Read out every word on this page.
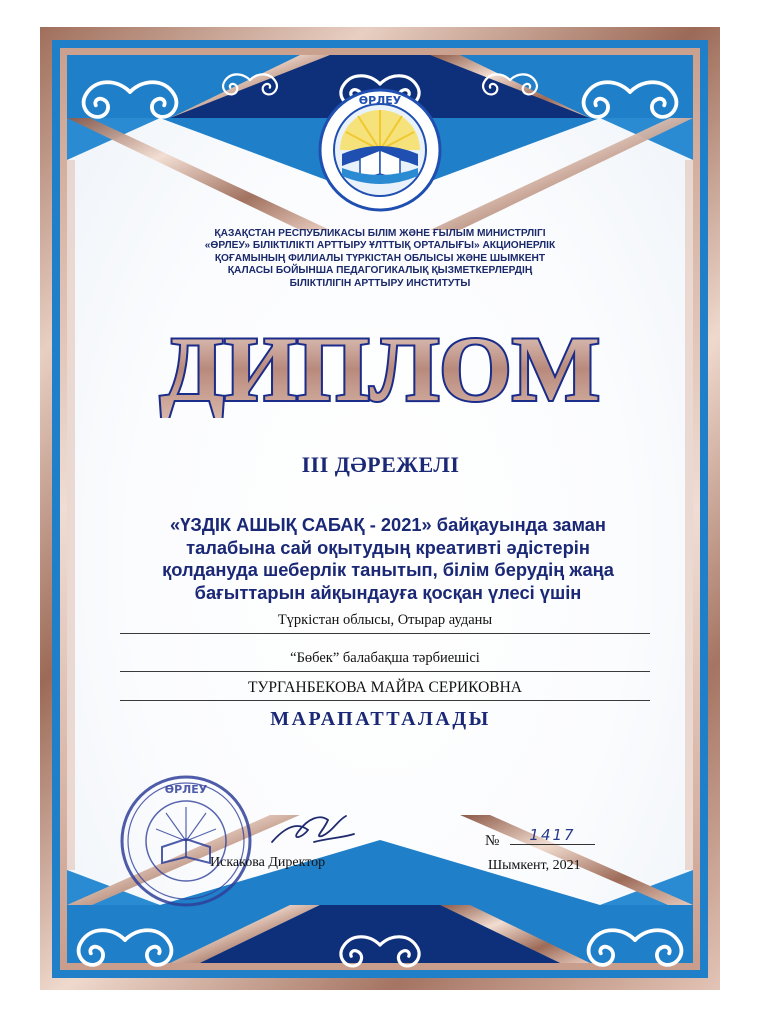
ӨРЛЕУ
ҚАЗАҚСТАН РЕСПУБЛИКАСЫ БІЛІМ ЖӘНЕ ҒЫЛЫМ МИНИСТРЛІГІ
«ӨРЛЕУ» БІЛІКТІЛІКТІ АРТТЫРУ ҰЛТТЫҚ ОРТАЛЫҒЫ» АКЦИОНЕРЛІК
ҚОҒАМЫНЫҢ ФИЛИАЛЫ ТҮРКІСТАН ОБЛЫСЫ ЖӘНЕ ШЫМКЕНТ
ҚАЛАСЫ БОЙЫНША ПЕДАГОГИКАЛЫҚ ҚЫЗМЕТКЕРЛЕРДІҢ
БІЛІКТІЛІГІН АРТТЫРУ ИНСТИТУТЫ
ДИПЛОМ
ІІІ ДӘРЕЖЕЛІ
«ҮЗДІК АШЫҚ САБАҚ - 2021» байқауында заман
талабына сай оқытудың креативті әдістерін
қолдануда шеберлік танытып, білім берудің жаңа
бағыттарын айқындауға қосқан үлесі үшін
Түркістан облысы, Отырар ауданы
“Бөбек” балабақша тәрбиешісі
ТУРГАНБЕКОВА МАЙРА СЕРИКОВНА
МАРАПАТТАЛАДЫ
ӨРЛЕУ
Искакова Директор
№	1417
Шымкент, 2021
